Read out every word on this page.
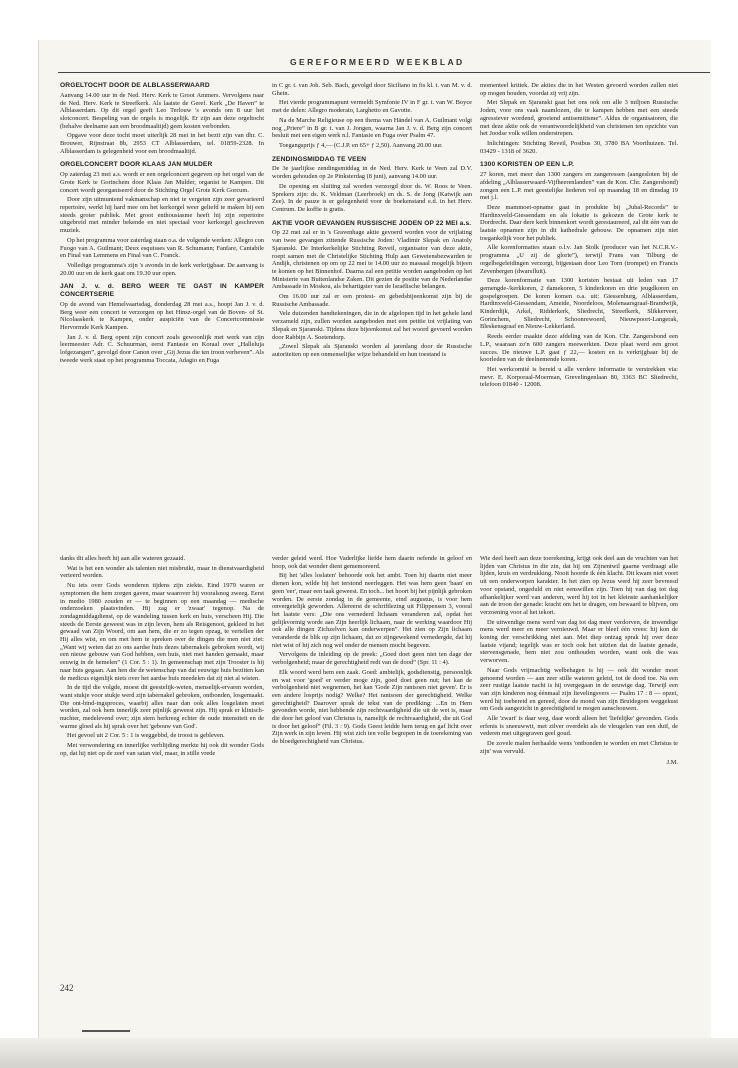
GEREFORMEERD WEEKBLAD
ORGELTOCHT DOOR DE ALBLASSERWAARD

Aanvang 14.00 uur in de Ned. Herv. Kerk te Groot Ammers. Vervolgens naar de Ned. Herv. Kerk te Streefkerk. Als laatste de Geref. Kerk „De Haven” te Alblasserdam. Op dit orgel geeft Leo Terlouw 's avonds om 8 uur het slotconcert. Bespeling van de orgels is mogelijk. Er zijn aan deze orgeltocht (behalve deelname aan een broodmaaltijd) geen kosten verbonden.

Opgave voor deze tocht moet uiterlijk 28 mei in het bezit zijn van dhr. C. Brouwer, Rijnstraat 8b, 2953 CT Alblasserdam, tel. 01859-2328. In Alblasserdam is gelegenheid voor een broodmaaltijd.

ORGELCONCERT DOOR KLAAS JAN MULDER

Op zaterdag 23 mei a.s. wordt er een orgelconcert gegeven op het orgel van de Grote Kerk te Gorinchem door Klaas Jan Mulder, organist te Kampen. Dit concert wordt georganiseerd door de Stichting Orgel Grote Kerk Gorcum.

Door zijn uitmuntend vakmanschap en niet te vergeten zijn zeer gevarieerd repertoire, werkt hij hard mee om het kerkorgel weer geliefd te maken bij een steeds groter publiek. Met groot enthousiasme heeft hij zijn repertoire uitgebreid met minder bekende en niet speciaal voor kerkorgel geschreven muziek.

Op het programma voor zaterdag staan o.a. de volgende werken: Allegro con Fuogo van A. Guilmant; Deux esquisses van R. Schumann; Fanfare, Cantabile en Final van Lemmens en Final van C. Franck.

Volledige programma's zijn 's avonds in de kerk verkrijgbaar. De aanvang is 20.00 uur en de kerk gaat om 19.30 uur open.

JAN J. v. d. BERG WEER TE GAST IN KAMPER CONCERTSERIE

Op de avond van Hemelvaartsdag, donderdag 28 mei a.s., hoopt Jan J. v. d. Berg weer een concert te verzorgen op het Hinsz-orgel van de Boven- of St. Nicolaaskerk te Kampen, onder auspiciën van de Concertcommissie Hervormde Kerk Kampen.

Jan J. v. d. Berg opent zijn concert zoals gewoonlijk met werk van zijn leermeester Adr. C. Schuurman, eerst Fantasie en Koraal over „Halleluja lofgezangen”, gevolgd door Canon over „Gij Jezus die ten troon verheven”. Als tweede werk staat op het programma Toccata, Adagio en Fuga

in C gr. t. van Joh. Seb. Bach, gevolgd door Siciliano in fis kl. t. van M. v. d. Ghein.

Het vierde programmapunt vermeldt Symfonie IV in F gr. t. van W. Boyce met de delen: Allegro moderato, Larghetto en Gavotte.

Na de Marche Religieuse op een thema van Händel van A. Guilmant volgt nog „Priere” in B gr. t. van J. Jongen, waarna Jan J. v. d. Berg zijn concert besluit met een eigen werk n.l. Fantasie en Fuga over Psalm 47.

Toegangsprijs ƒ 4,— (C.J.P. en 65+ ƒ 2,50). Aanvang 20.00 uur.

ZENDINGSMIDDAG TE VEEN

De 3e jaarlijkse zendingsmiddag in de Ned. Herv. Kerk te Veen zal D.V. worden gehouden op 2e Pinksterdag (8 juni), aanvang 14.00 uur.

De opening en sluiting zal worden verzorgd door ds. W. Roos te Veen. Sprekers zijn: ds. K. Veldman (Leerbroek) en ds. S. de Jong (Katwijk aan Zee). In de pauze is er gelegenheid voor de boekenstand e.d. in het Herv. Centrum. De koffie is gratis.

AKTIE VOOR GEVANGEN RUSSISCHE JODEN OP 22 MEI a.s.

Op 22 mei zal er in 's Gravenhage aktie gevoerd worden voor de vrijlating van twee gevangen zittende Russische Joden: Vladimir Slepak en Anatoly Sjaranski. De Interkerkelijke Stichting Reveil, organisator van deze aktie, roept samen met de Christelijke Stichting Hulp aan Gewetensbezwarden te Andijk, christenen op om op 22 mei te 14.00 uur zo massaal mogelijk bijeen te komen op het Binnenhof. Daarna zal een petitie worden aangeboden op het Ministerie van Buitenlandse Zaken. Dit gezien de positie van de Nederlandse Ambassade in Moskou, als behartigster van de Israëlische belangen.

Om 16.00 uur zal er een protest- en gebedsbijeenkomst zijn bij de Russische Ambassade.

Vele duizenden handtekeningen, die in de afgelopen tijd in het gehele land verzameld zijn, zullen worden aangeboden met een petitie tot vrijlating van Slepak en Sjaranski. Tijdens deze bijeenkomst zal het woord gevoerd worden door Rabbijn A. Soetendorp.

„Zowel Slepak als Sjaranski worden al jarenlang door de Russische autoriteiten op een onmenselijke wijze behandeld en hun toestand is

momenteel kritiek. De akties die in het Westen gevoerd worden zullen niet op mogen houden, voordat zij vrij zijn.

Met Slepak en Sjaranski gaat het ons ook om alle 3 miljoen Russische Joden, voor ons vaak naamlozen, die te kampen hebben met een steeds agressiever wordend, groeiend antisemitisme”. Aldus de organisatoren, die met deze aktie ook de verantwoordelijkheid van christenen ten opzichte van het Joodse volk willen onderstrepen.

Inlichtingen: Stichting Reveil, Postbus 30, 3780 BA Voorthuizen. Tel. 03429 - 1318 of 3620.

1300 KORISTEN OP EEN L.P.

27 koren, met meer dan 1300 zangers en zangeressen (aangesloten bij de afdeling „Alblasserwaard-Vijfheerenlanden” van de Kon. Chr. Zangersbond) zongen een L.P. met geestelijke liederen vol op maandag 18 en dinsdag 19 mei j.l.

Deze mammoet-opname gaat in produkte bij „Jubal-Records” te Hardinxveld-Giessendam en als lokatie is gekozen de Grote kerk te Dordrecht. Daar dere kerk binnenkort wordt gerestaureerd, zal dit één van de laatste opnamen zijn in dit kathedrale gebouw. De opnamen zijn niet toegankelijk voor het publiek.

Alle korenformaties staan o.l.v. Jan Stolk (producer van het N.C.R.V.-programma „U zij de glorie”), terwijl Frans van Tilburg de orgelbegeleidingen verzorgt, bijgestaan door Leo Torn (trompet) en Francis Zevenbergen (dwarsfluit).

Deze korenformatie van 1300 koristen bestaat uit leden van 17 gemengde-/kerkkoren, 2 damekoren, 5 kinderkoren en drie jeugdkoren en gospelgroepen. De koren komen o.a. uit: Giessenburg, Alblasserdam, Hardinxveld-Giessendam, Ameide, Noordeloos, Molenaarsgraaf-Brandwijk, Kinderdijk, Arkel, Ridderkerk, Sliedrecht, Streefkerk, Slikkerveer, Gorinchem, Sliedrecht, Schoonrewoerd, Nieuwpoort-Langerak, Bleskensgraaf en Nieuw-Lekkerland.

Reeds eerder maakte deze afdeling van de Kon. Chr. Zangersbond een L.P., waaraan zo'n 600 zangers meewerkten. Deze plaat werd een groot succes. De nieuwe L.P. gaat ƒ 22,— kosten en is verkrijgbaar bij de koorleden van de deelnemende koren.

Het werkcomité is bereid u alle verdere informatie te verstrekken via: mevr. E. Korporaal-Moerman, Grevelingenlaan 80, 3363 BC Sliedrecht, telefoon 01840 - 12008.

danks dit alles heeft hij aan alle wateren gezaaid.

Wat is het een wonder als talenten niet misbruikt, maar in dienstvaardigheid verteerd worden.

Nu iets over Gods wonderen tijdens zijn ziekte. Eind 1979 waren er symptomen die hem zorgen gaven, maar waarover hij vooralsnog zweeg. Eerst in medio 1980 zouden er — te beginnen op een maandag — medische onderzoeken plaatsvinden. Hij zag er 'zwaar' tegenop. Na de zondagmiddagdienst, op de wandeling tussen kerk en huis, verscheen Hij. Die steeds de Eerste geweest was in zijn leven, hem als Reisgenoot, gekleed in het gewaad van Zijn Woord, om aan hem, die er zo tegen opzag, te vertellen der Hij alles wist, en om met hem te spreken over de dingen die men niet ziet: „Want wij weten dat zo ons aardse huis dezes tabernakels gebroken wordt, wij een nieuw gebouw van God hebben, een huis, niet met handen gemaakt, maar eeuwig in de hemelen” (1 Cor. 5 : 1). In gemeenschap met zijn Trooster is hij naar huis gegaan. Aan hen die de wetenschap van dat eeuwige huis bezitten kan de medicus eigenlijk niets over het aardse huis meedelen dat zij niet al wisten.

In de tijd die volgde, moest dit geestelijk-weten, menselijk-ervaren worden, want stukje voor stukje werd zijn tabernakel gebroken, ontbonden, losgemaakt. Die ont-bind-ingsproces, waarbij alles naar dan ook alles losgelaten moet worden, zal ook hem innerlijk zeer pijnlijk geweest zijn. Hij sprak er klinisch-nuchter, medelevend over; zijn stem herkreeg echter de oude intensiteit en de warme gloed als hij sprak over het 'gebouw van God'.

Het gevoel uit 2 Cor. 5 : 1 is weggebbd, de troost is gebleven.

Met verwondering en innerlijke verblijding merkte hij ook dit wonder Gods op, dat hij niet op de zeef van satan viel, maar, in stille vrede

verder geleid werd. Hoe Vaderlijke liefde hem daarin oefende in geloof en hoop, ook dat wonder dient gememoreerd.

Bij het 'alles loslaten' behoorde ook het ambt. Toen hij daarin niet meer dienen kon, wilde hij het terstond neerleggen. Het was hem geen 'baan' en geen 'eer', maar een taak geweest. En toch... het hoort bij het pijnlijk gebroken worden. De eerste zondag in de gemeente, eind augustus, is voor hem onvergetelijk geworden. Allereerst de schriftlezing uit Filippensen 3, vooral het laatste vers: „Die ons vernederd lichaam veranderen zal, opdat het gelijkvormig worde aan Zijn heerlijk lichaam, naar de werking waardoor Hij ook alle dingen Zichzelven kan onderwerpen”. Het zien op Zijn lichaam veranderde de blik op zijn lichaam, dat zo zijngewekend vernedergde, dat hij niet wist of hij zich nog wel onder de mensen mocht begeven.

Vervolgens de inleiding op de preek: „Goed doet geen niet ten dage der verbolgenheid; maar de gerechtigheid redt van de dood” (Spr. 11 : 4).

Elk woord werd hem een zaak. Goed: ambtelijk, godsdienstig, persoonlijk en wat voor 'goed' er verder moge zijn, goed doet geen nut; het kan de verbolgenheid niet wegnemen, het kan 'Gode Zijn rantsoen niet geven'. Er is een andere losprijs nodig? Welke? Het rantsoen der gerechtigheid. Welke gerechtigheid? Daarover sprak de tekst van de prediking: ...En in Hem gevonden worde, niet hebbende zijn rechtvaardigheid die uit de wet is, maar die door het geloof van Christus is, namelijk de rechtvaardigheid, die uit God is door het geloof” (Fil. 3 : 9). Gods Geest leidde hem terug en gaf licht over Zijn werk in zijn leven. Hij wist zich ten volle begrepen in de toerekening van de bloedgerechtigheid van Christus.

Wie deel heeft aan deze toerekening, krijgt ook deel aan de vruchten van het lijden van Christus in die zin, dat hij om Zijnentwil gaarne verdraagt alle lijden, kruis en verdrukking. Nooit hoorde ik één klacht. Dit kwam niet voort uit een onderworpen karakter. In het zien op Jezus werd hij zeer bevreesd voor opstand, ongeduld en niet eenswillen zijn. Toen hij van dag tot dag afhankelijker werd van anderen, werd hij tot in het kleinste aanhankelijker aan de troon der genade: kracht om het te dragen, om bewaard te blijven, om verzoening voor al het tekort.

De uitwendige mens werd van dag tot dag meer verdorven, de inwendige mens werd meer en meer vernieuwd. Maar er bleef één vrees: hij kon de koning der verschrikking niet aan. Met diep ontzag sprak hij over deze laatste vijand; tegelijk was er toch ook het uitzien dat de laatste genade, stervensgenade, hem niet zou onthouden worden, want ook die was verworven.

Naar Gods vrijmachtig welbehagen is hij — ook dit wonder moet genoemd worden — aan zeer stille wateren geleid, tot de dood toe. Na een zeer rustige laatste nacht is hij overgegaan in de eeuwige dag. Terwijl een van zijn kinderen nog éénmaal zijn lievelingsvers — Psalm 17 : 8 — opzei, werd hij toebereid en gereed, door de mond van zijn Bruidegom weggekust om Gods aangezicht in gerechtigheid te mogen aanschouwen.

Alle 'zwart' is daar weg, daar wordt alleen het 'liefelijke' gevonden. Gods erfenis is sneeuwwit, met zilver overdekt als de vleugelen van een duif, de vederen met uitgegraven geel goud.

De zovele malen herhaalde wens 'ontbonden te worden en met Christus te zijn' was vervuld.

J.M.
242
